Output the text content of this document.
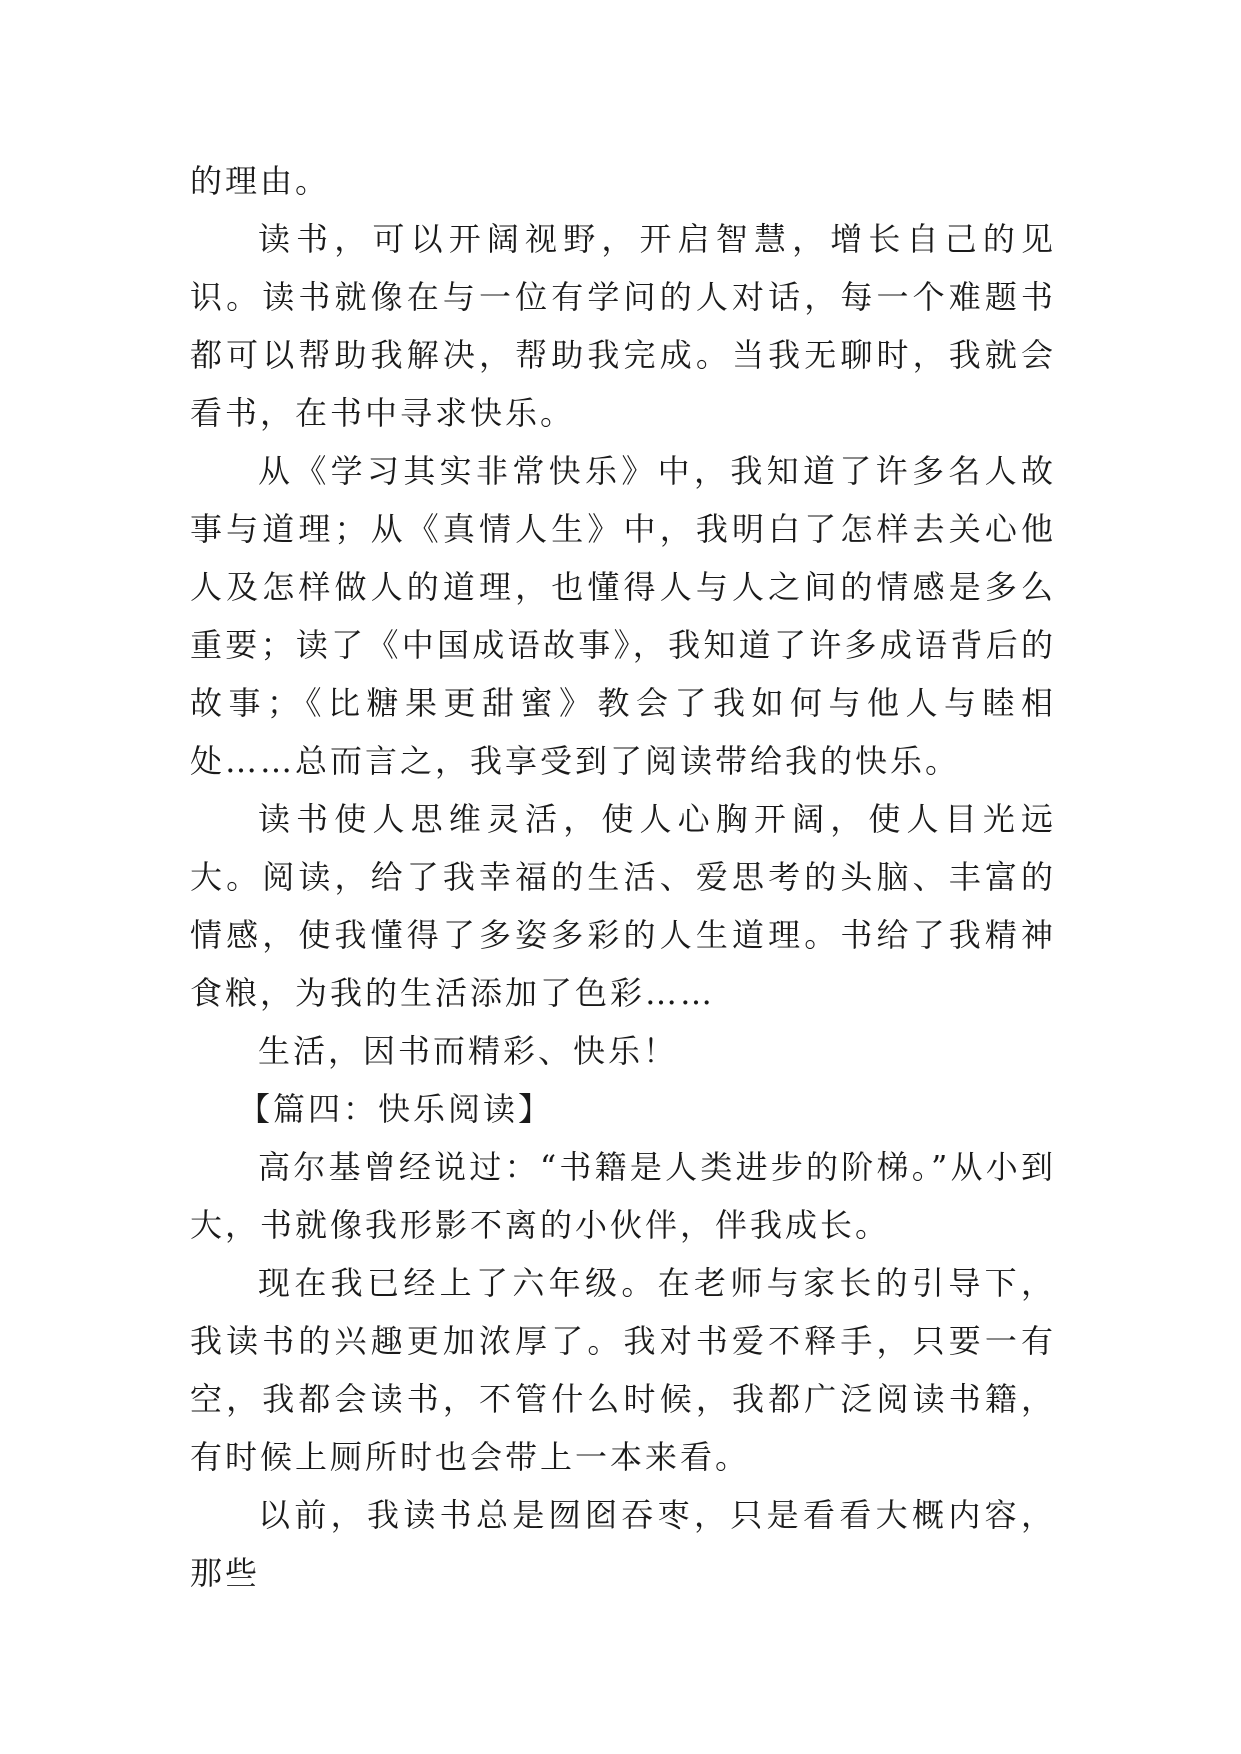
的理由。

读书，可以开阔视野，开启智慧，增长自己的见识。读书就像在与一位有学问的人对话，每一个难题书都可以帮助我解决，帮助我完成。当我无聊时，我就会看书，在书中寻求快乐。

从《学习其实非常快乐》中，我知道了许多名人故事与道理；从《真情人生》中，我明白了怎样去关心他人及怎样做人的道理，也懂得人与人之间的情感是多么重要；读了《中国成语故事》，我知道了许多成语背后的故事；《比糖果更甜蜜》教会了我如何与他人与睦相处……总而言之，我享受到了阅读带给我的快乐。

读书使人思维灵活，使人心胸开阔，使人目光远大。阅读，给了我幸福的生活、爱思考的头脑、丰富的情感，使我懂得了多姿多彩的人生道理。书给了我精神食粮，为我的生活添加了色彩……

生活，因书而精彩、快乐！

【篇四：快乐阅读】

高尔基曾经说过：“书籍是人类进步的阶梯。”从小到大，书就像我形影不离的小伙伴，伴我成长。

现在我已经上了六年级。在老师与家长的引导下，我读书的兴趣更加浓厚了。我对书爱不释手，只要一有空，我都会读书，不管什么时候，我都广泛阅读书籍，有时候上厕所时也会带上一本来看。

以前，我读书总是囫囵吞枣，只是看看大概内容，那些
